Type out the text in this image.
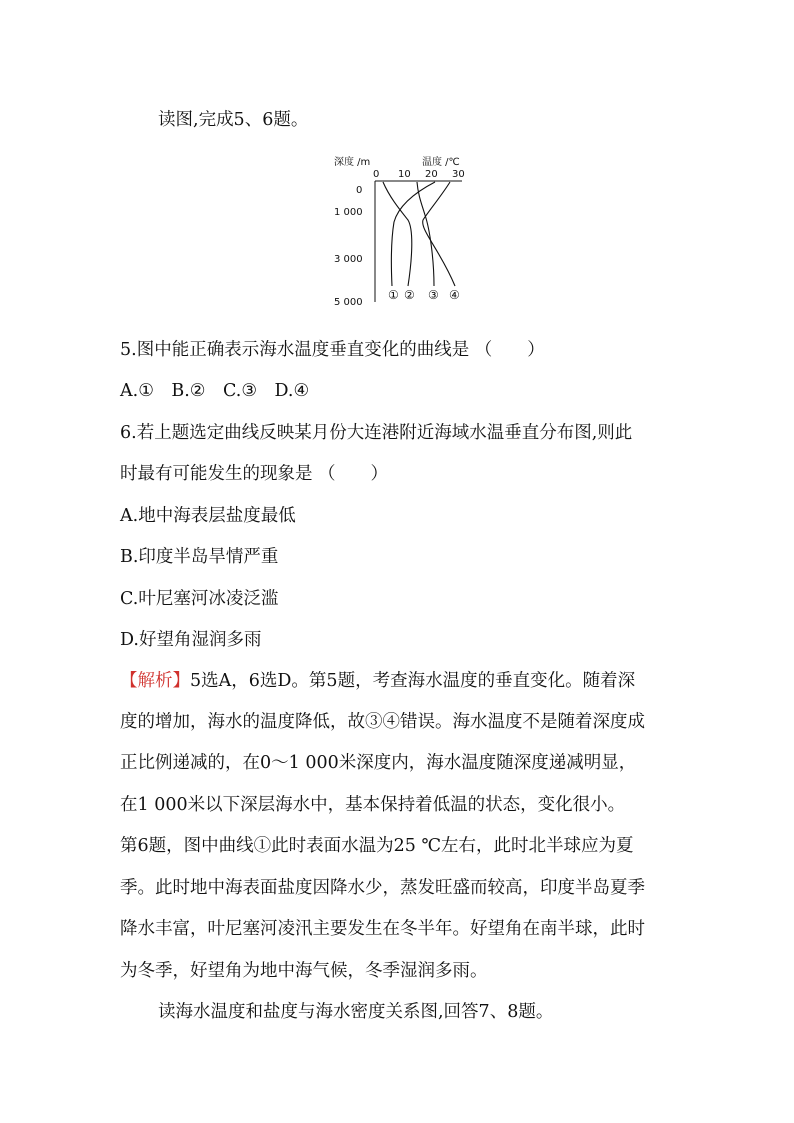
读图,完成5、6题。
深度 /m	温度 /℃
0 10 20 30
0
1 000
3 000
5 000
① ② ③ ④
5.图中能正确表示海水温度垂直变化的曲线是 （　　）
A.①　B.②　C.③　D.④
6.若上题选定曲线反映某月份大连港附近海域水温垂直分布图,则此
时最有可能发生的现象是 （　　）
A.地中海表层盐度最低
B.印度半岛旱情严重
C.叶尼塞河冰凌泛滥
D.好望角湿润多雨
【解析】5选A，6选D。第5题，考查海水温度的垂直变化。随着深
度的增加，海水的温度降低，故③④错误。海水温度不是随着深度成
正比例递减的，在0～1 000米深度内，海水温度随深度递减明显，
在1 000米以下深层海水中，基本保持着低温的状态，变化很小。
第6题，图中曲线①此时表面水温为25 ℃左右，此时北半球应为夏
季。此时地中海表面盐度因降水少，蒸发旺盛而较高，印度半岛夏季
降水丰富，叶尼塞河凌汛主要发生在冬半年。好望角在南半球，此时
为冬季，好望角为地中海气候，冬季湿润多雨。
读海水温度和盐度与海水密度关系图,回答7、8题。
